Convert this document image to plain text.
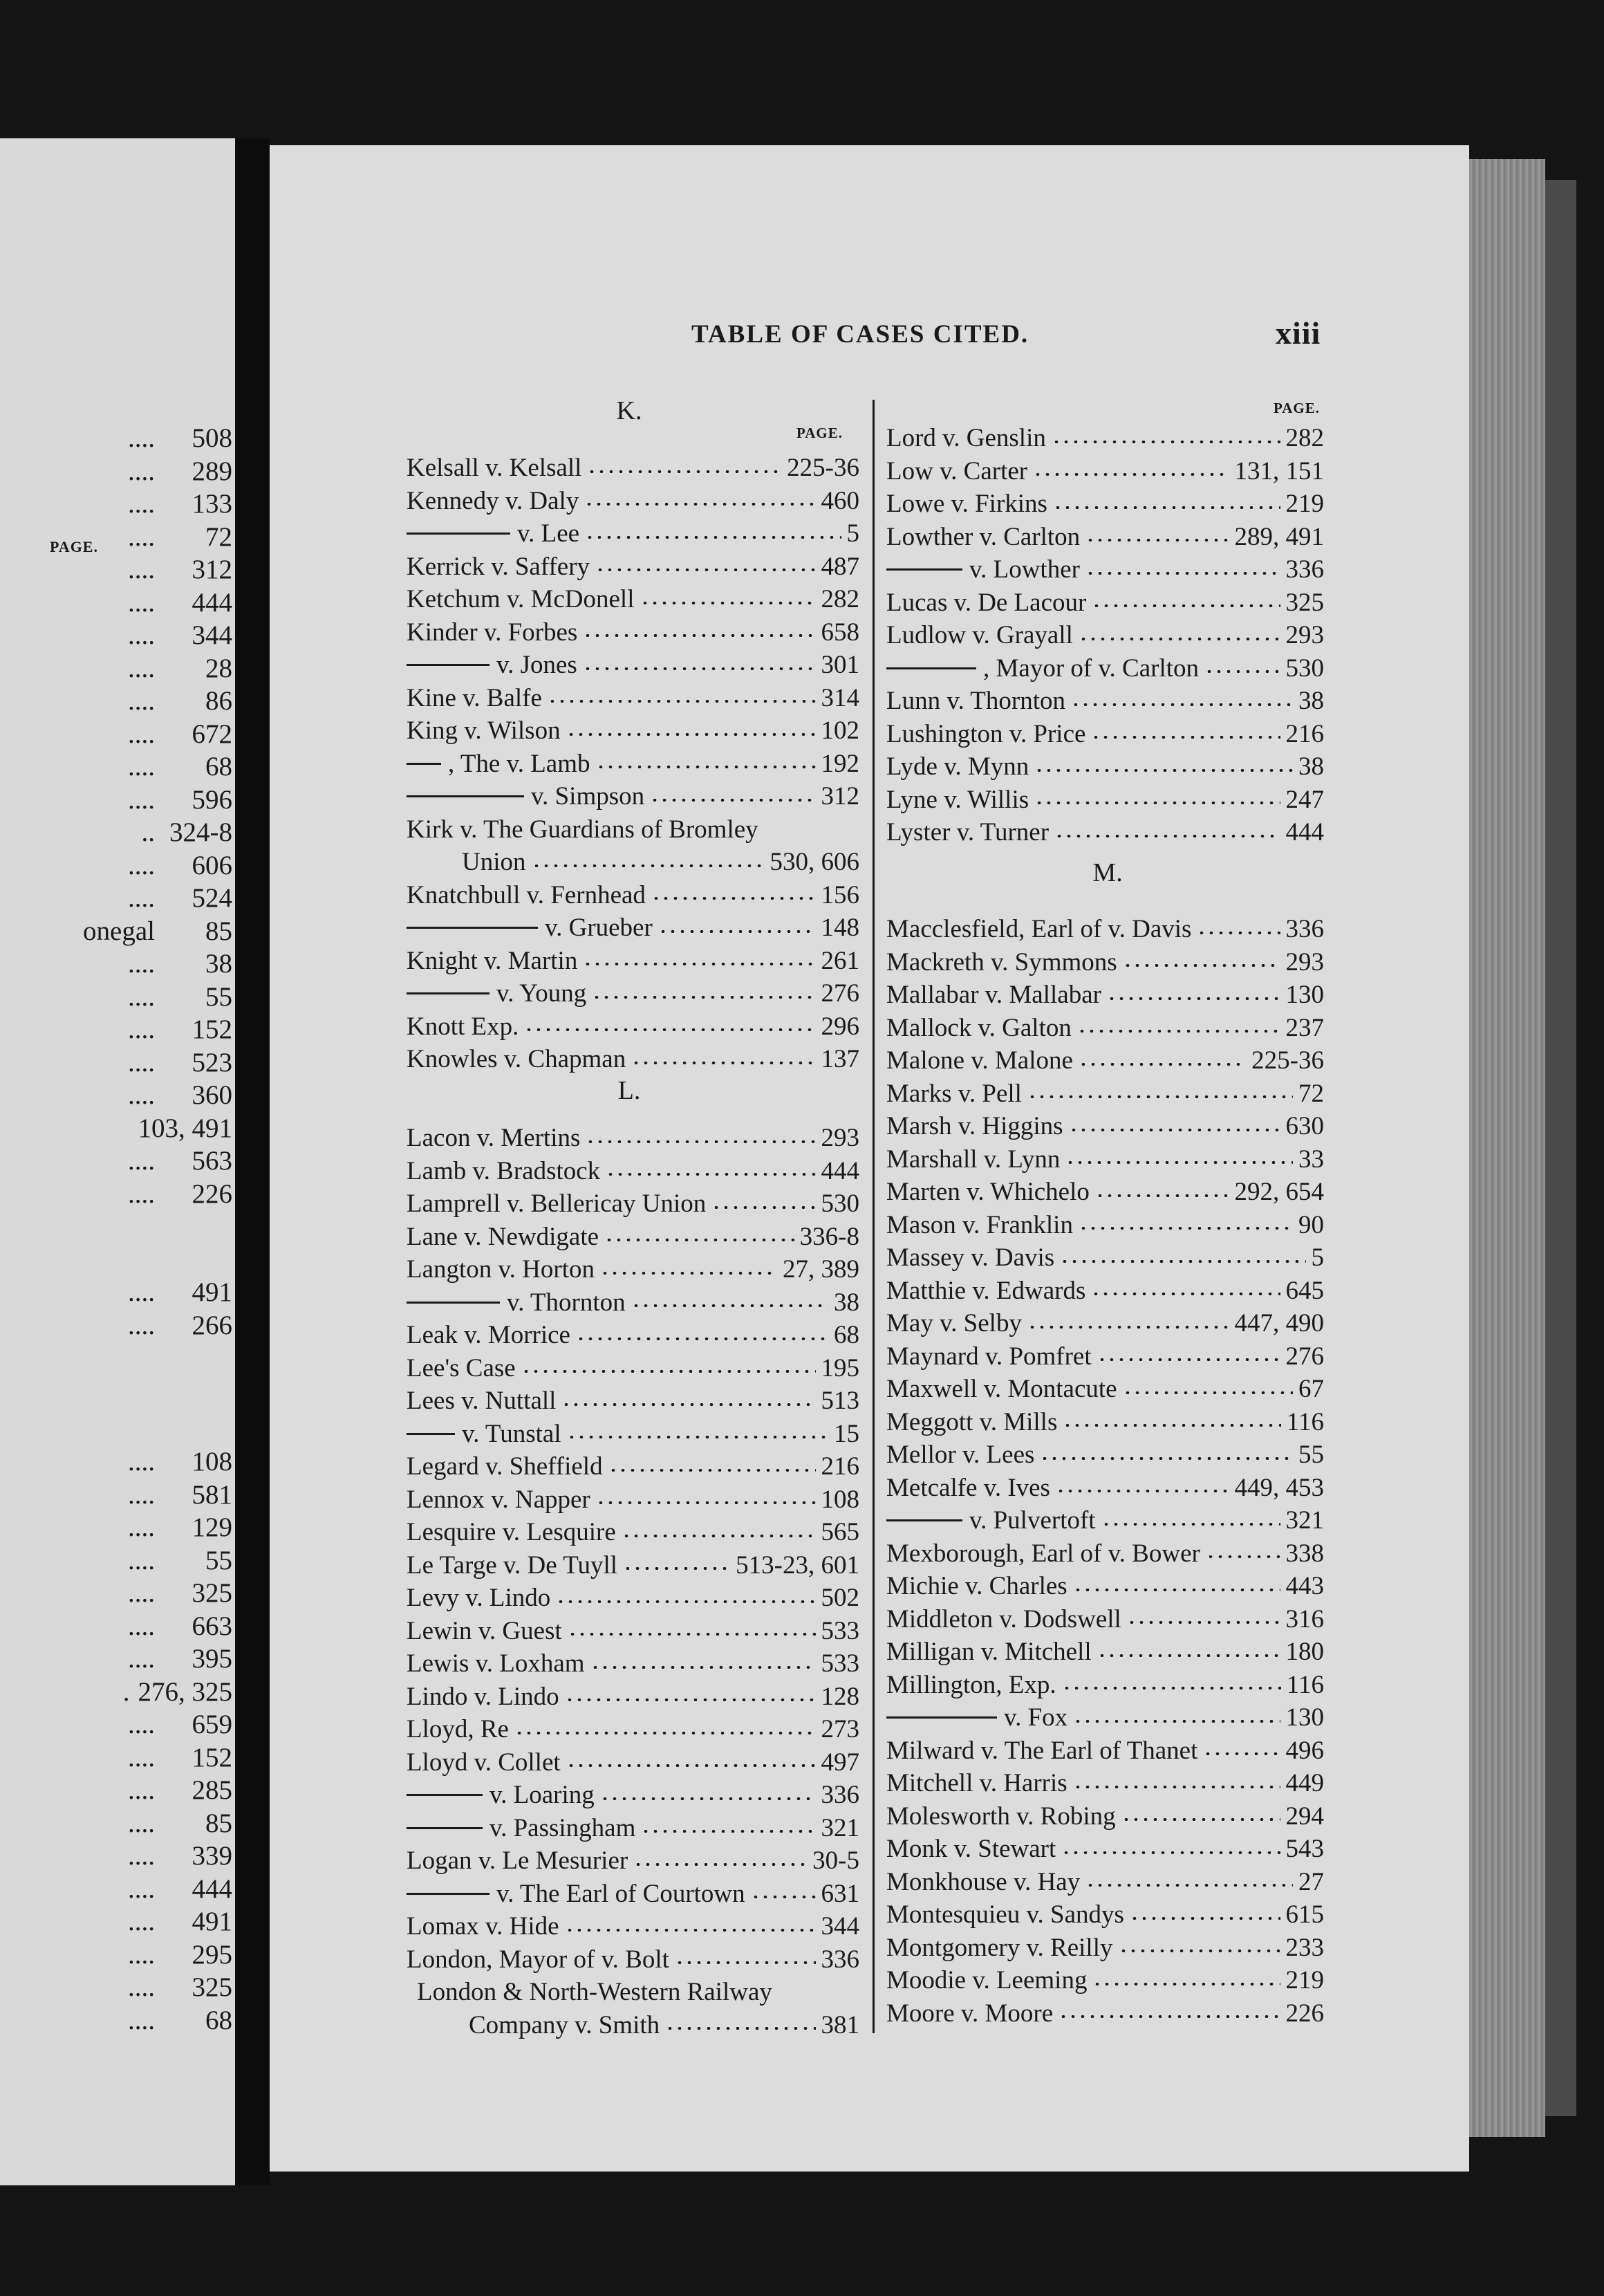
PAGE.
....	508
....	289
....	133
....	72
....	312
....	444
....	344
....	28
....	86
....	672
....	68
....	596
.. 324-8
....	606
....	524
onegal	85
....	38
....	55
....	152
....	523
....	360
103, 491
....	563
....	226
....	491
....	266
....	108
....	581
....	129
....	55
....	325
....	663
....	395
. 276, 325
....	659
....	152
....	285
....	85
....	339
....	444
....	491
....	295
....	325
....	68
TABLE OF CASES CITED.	xiii
K.
PAGE.
PAGE.
Kelsall v. Kelsall	225-36
Kennedy v. Daly	460
v. Lee	5
Kerrick v. Saffery	487
Ketchum v. McDonell	282
Kinder v. Forbes	658
v. Jones	301
Kine v. Balfe	314
King v. Wilson	102
, The v. Lamb	192
v. Simpson	312
Kirk v. The Guardians of Bromley
Union	530, 606
Knatchbull v. Fernhead	156
v. Grueber	148
Knight v. Martin	261
v. Young	276
Knott Exp.	296
Knowles v. Chapman	137
Lacon v. Mertins	293
Lamb v. Bradstock	444
Lamprell v. Bellericay Union	530
Lane v. Newdigate	336-8
Langton v. Horton	27, 389
v. Thornton	38
Leak v. Morrice	68
Lee's Case	195
Lees v. Nuttall	513
v. Tunstal	15
Legard v. Sheffield	216
Lennox v. Napper	108
Lesquire v. Lesquire	565
Le Targe v. De Tuyll	513-23, 601
Levy v. Lindo	502
Lewin v. Guest	533
Lewis v. Loxham	533
Lindo v. Lindo	128
Lloyd, Re	273
Lloyd v. Collet	497
v. Loaring	336
v. Passingham	321
Logan v. Le Mesurier	30-5
v. The Earl of Courtown	631
Lomax v. Hide	344
London, Mayor of v. Bolt	336
London & North-Western Railway
Company v. Smith	381
Lord v. Genslin	282
Low v. Carter	131, 151
Lowe v. Firkins	219
Lowther v. Carlton	289, 491
v. Lowther	336
Lucas v. De Lacour	325
Ludlow v. Grayall	293
, Mayor of v. Carlton	530
Lunn v. Thornton	38
Lushington v. Price	216
Lyde v. Mynn	38
Lyne v. Willis	247
Lyster v. Turner	444
Macclesfield, Earl of v. Davis	336
Mackreth v. Symmons	293
Mallabar v. Mallabar	130
Mallock v. Galton	237
Malone v. Malone	225-36
Marks v. Pell	72
Marsh v. Higgins	630
Marshall v. Lynn	33
Marten v. Whichelo	292, 654
Mason v. Franklin	90
Massey v. Davis	5
Matthie v. Edwards	645
May v. Selby	447, 490
Maynard v. Pomfret	276
Maxwell v. Montacute	67
Meggott v. Mills	116
Mellor v. Lees	55
Metcalfe v. Ives	449, 453
v. Pulvertoft	321
Mexborough, Earl of v. Bower	338
Michie v. Charles	443
Middleton v. Dodswell	316
Milligan v. Mitchell	180
Millington, Exp.	116
v. Fox	130
Milward v. The Earl of Thanet	496
Mitchell v. Harris	449
Molesworth v. Robing	294
Monk v. Stewart	543
Monkhouse v. Hay	27
Montesquieu v. Sandys	615
Montgomery v. Reilly	233
Moodie v. Leeming	219
Moore v. Moore	226
L.
M.
